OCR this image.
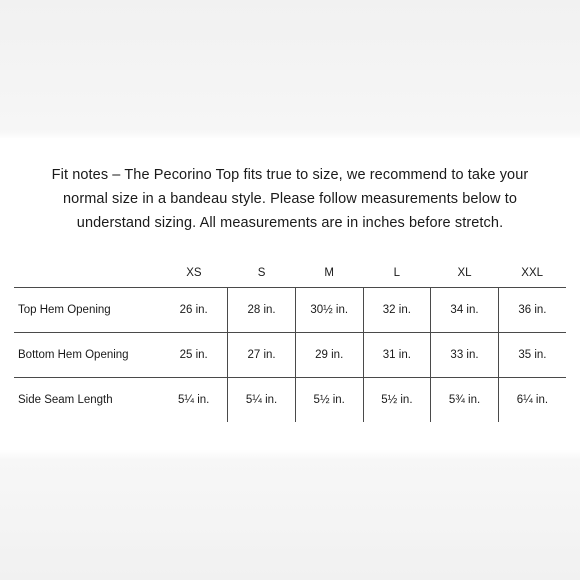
Fit notes – The Pecorino Top fits true to size, we recommend to take your normal size in a bandeau style. Please follow measurements below to understand sizing. All measurements are in inches before stretch.

	XS	S	M	L	XL	XXL
Top Hem Opening	26 in.	28 in.	30½ in.	32 in.	34 in.	36 in.
Bottom Hem Opening	25 in.	27 in.	29 in.	31 in.	33 in.	35 in.
Side Seam Length	5¼ in.	5¼ in.	5½ in.	5½ in.	5¾ in.	6¼ in.
